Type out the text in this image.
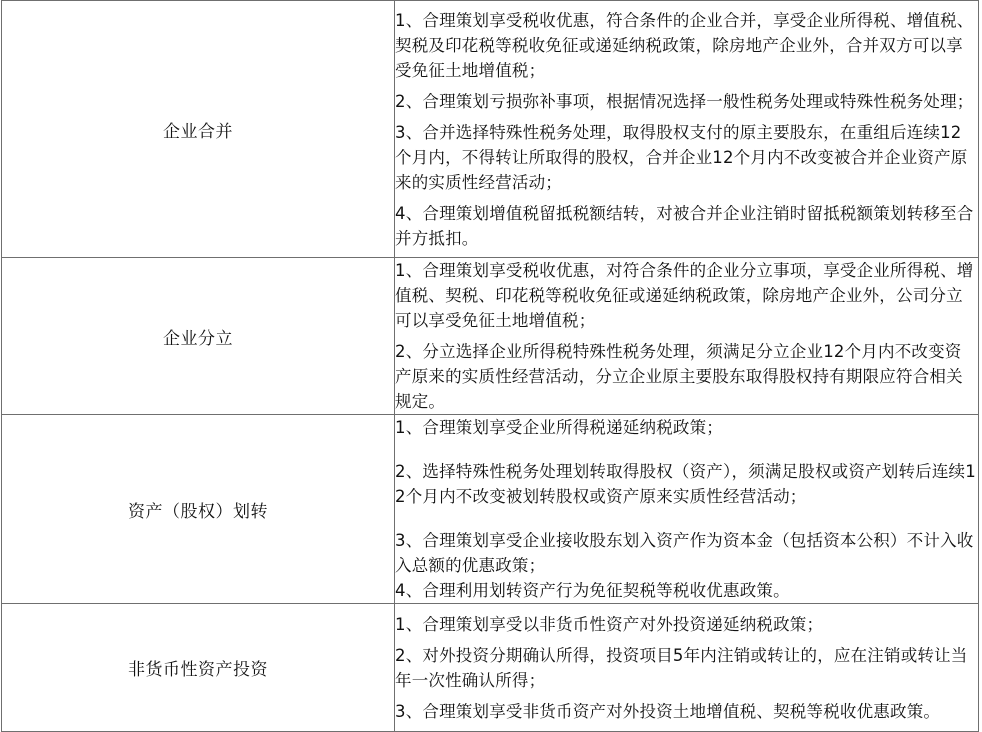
企业合并	1、合理策划享受税收优惠，符合条件的企业合并，享受企业所得税、增值税、契税及印花税等税收免征或递延纳税政策，除房地产企业外，合并双方可以享受免征土地增值税；

2、合理策划亏损弥补事项，根据情况选择一般性税务处理或特殊性税务处理；

3、合并选择特殊性税务处理，取得股权支付的原主要股东，在重组后连续12个月内，不得转让所取得的股权，合并企业12个月内不改变被合并企业资产原来的实质性经营活动；

4、合理策划增值税留抵税额结转，对被合并企业注销时留抵税额策划转移至合并方抵扣。

企业分立	1、合理策划享受税收优惠，对符合条件的企业分立事项，享受企业所得税、增值税、契税、印花税等税收免征或递延纳税政策，除房地产企业外，公司分立可以享受免征土地增值税；

2、分立选择企业所得税特殊性税务处理，须满足分立企业12个月内不改变资产原来的实质性经营活动，分立企业原主要股东取得股权持有期限应符合相关规定。

资产（股权）划转	1、合理策划享受企业所得税递延纳税政策；

2、选择特殊性税务处理划转取得股权（资产），须满足股权或资产划转后连续12个月内不改变被划转股权或资产原来实质性经营活动；

3、合理策划享受企业接收股东划入资产作为资本金（包括资本公积）不计入收入总额的优惠政策；

4、合理利用划转资产行为免征契税等税收优惠政策。

非货币性资产投资	1、合理策划享受以非货币性资产对外投资递延纳税政策；

2、对外投资分期确认所得，投资项目5年内注销或转让的，应在注销或转让当年一次性确认所得；

3、合理策划享受非货币资产对外投资土地增值税、契税等税收优惠政策。
